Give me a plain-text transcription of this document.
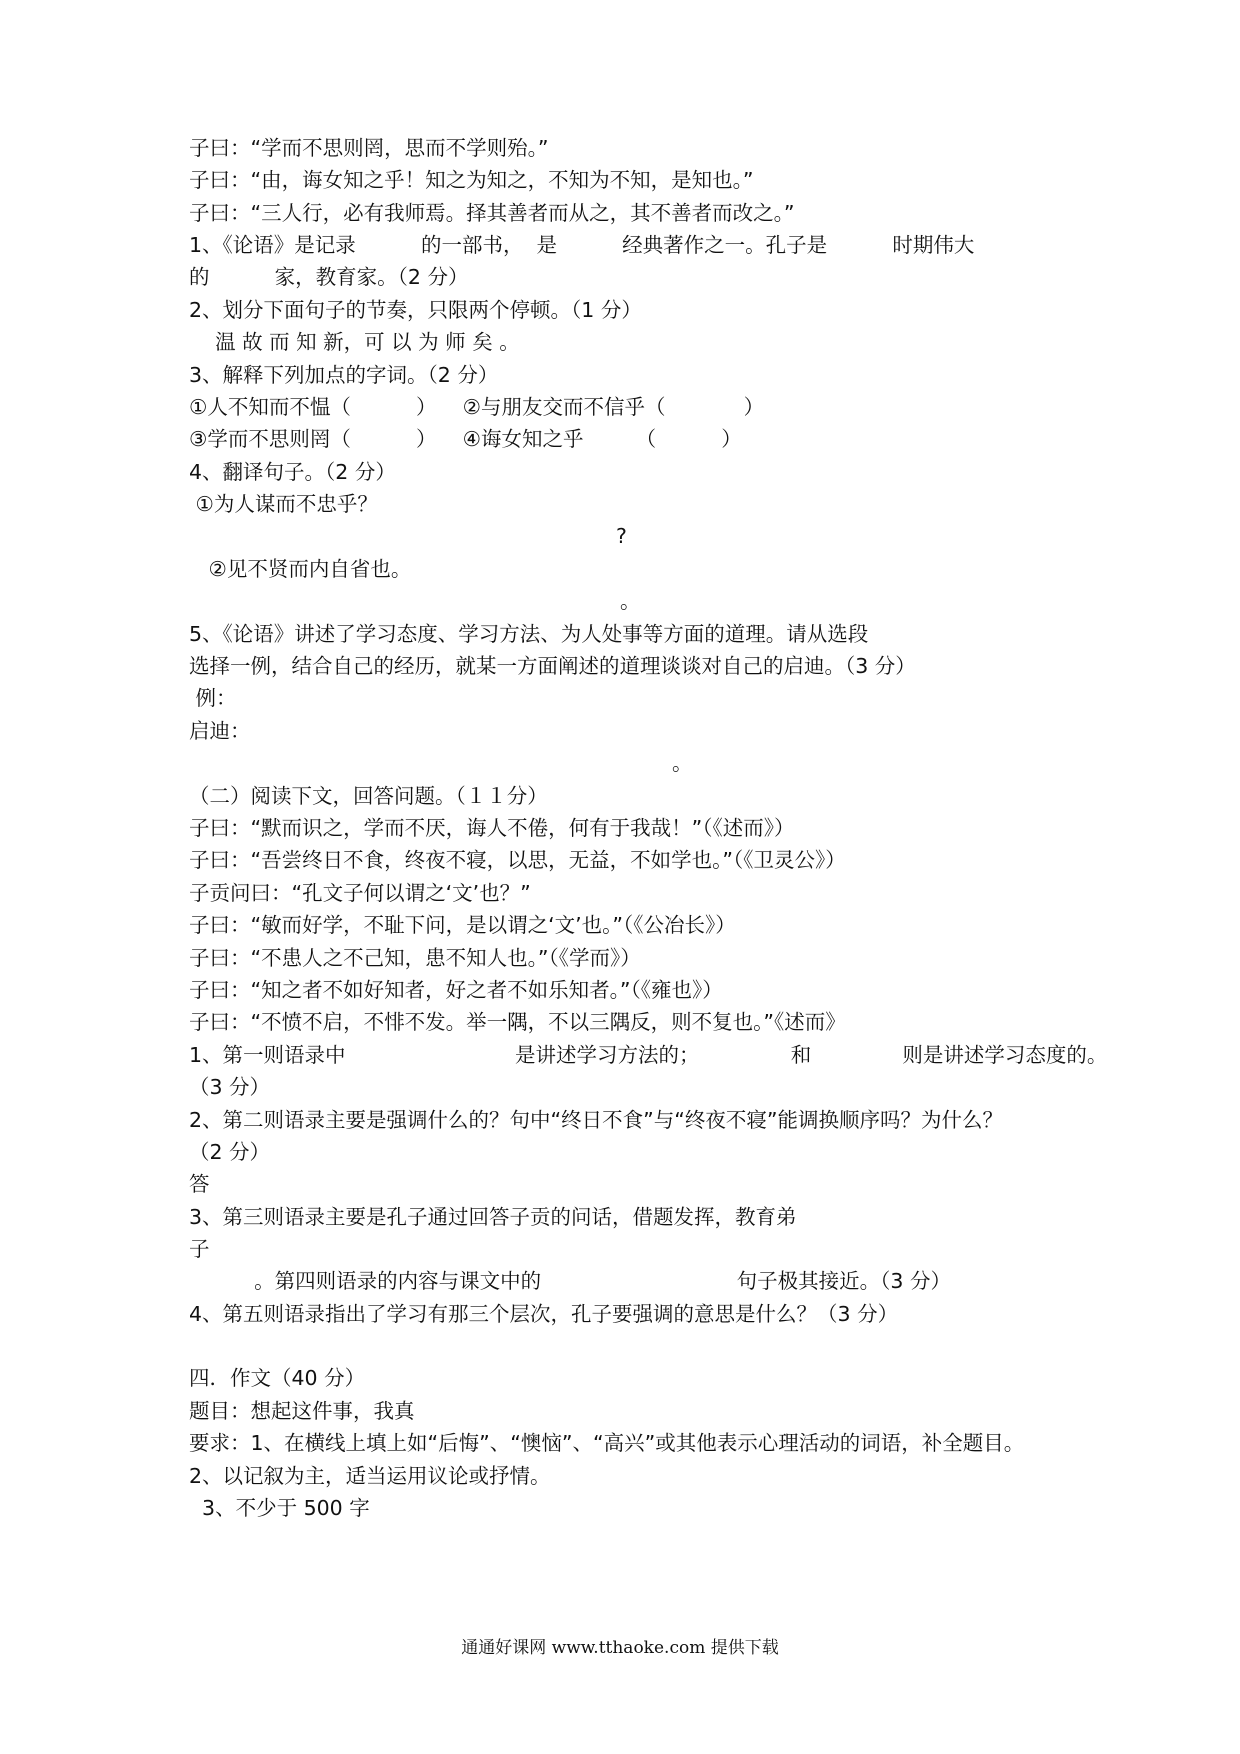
子曰：“学而不思则罔，思而不学则殆。”
子曰：“由，诲女知之乎！知之为知之，不知为不知，是知也。”
子曰：“三人行，必有我师焉。择其善者而从之，其不善者而改之。”
1、《论语》是记录          的一部书，  是          经典著作之一。孔子是          时期伟大
的          家，教育家。（2 分）
2、划分下面句子的节奏，只限两个停顿。（1 分）
温 故 而 知 新，可 以 为 师 矣 。
3、解释下列加点的字词。（2 分）
①人不知而不愠（          ）    ②与朋友交而不信乎（            ）
③学而不思则罔（          ）    ④诲女知之乎        （          ）
4、翻译句子。（2 分）
①为人谋而不忠乎？
?
②见不贤而内自省也。
。
5、《论语》讲述了学习态度、学习方法、为人处事等方面的道理。请从选段
选择一例，结合自己的经历，就某一方面阐述的道理谈谈对自己的启迪。（3 分）
例：
启迪：
。
（二）阅读下文，回答问题。（１１分）
子曰：“默而识之，学而不厌，诲人不倦，何有于我哉！”（《述而》）
子曰：“吾尝终日不食，终夜不寝，以思，无益，不如学也。”（《卫灵公》）
子贡问曰：“孔文子何以谓之‘文’也？”
子曰：“敏而好学，不耻下问，是以谓之‘文’也。”（《公冶长》）
子曰：“不患人之不己知，患不知人也。”（《学而》）
子曰：“知之者不如好知者，好之者不如乐知者。”（《雍也》）
子曰：“不愤不启，不悱不发。举一隅，不以三隅反，则不复也。”《述而》
1、第一则语录中                          是讲述学习方法的；              和              则是讲述学习态度的。
（3 分）
2、第二则语录主要是强调什么的？句中“终日不食”与“终夜不寝”能调换顺序吗？为什么？
（2 分）
答
3、第三则语录主要是孔子通过回答子贡的问话，借题发挥，教育弟
子
。第四则语录的内容与课文中的                              句子极其接近。（3 分）
4、第五则语录指出了学习有那三个层次，孔子要强调的意思是什么？（3 分）
四．作文（40 分）
题目：想起这件事，我真
要求：1、在横线上填上如“后悔”、“懊恼”、“高兴”或其他表示心理活动的词语，补全题目。
2、以记叙为主，适当运用议论或抒情。
3、不少于 500 字
通通好课网 www.tthaoke.com 提供下载
